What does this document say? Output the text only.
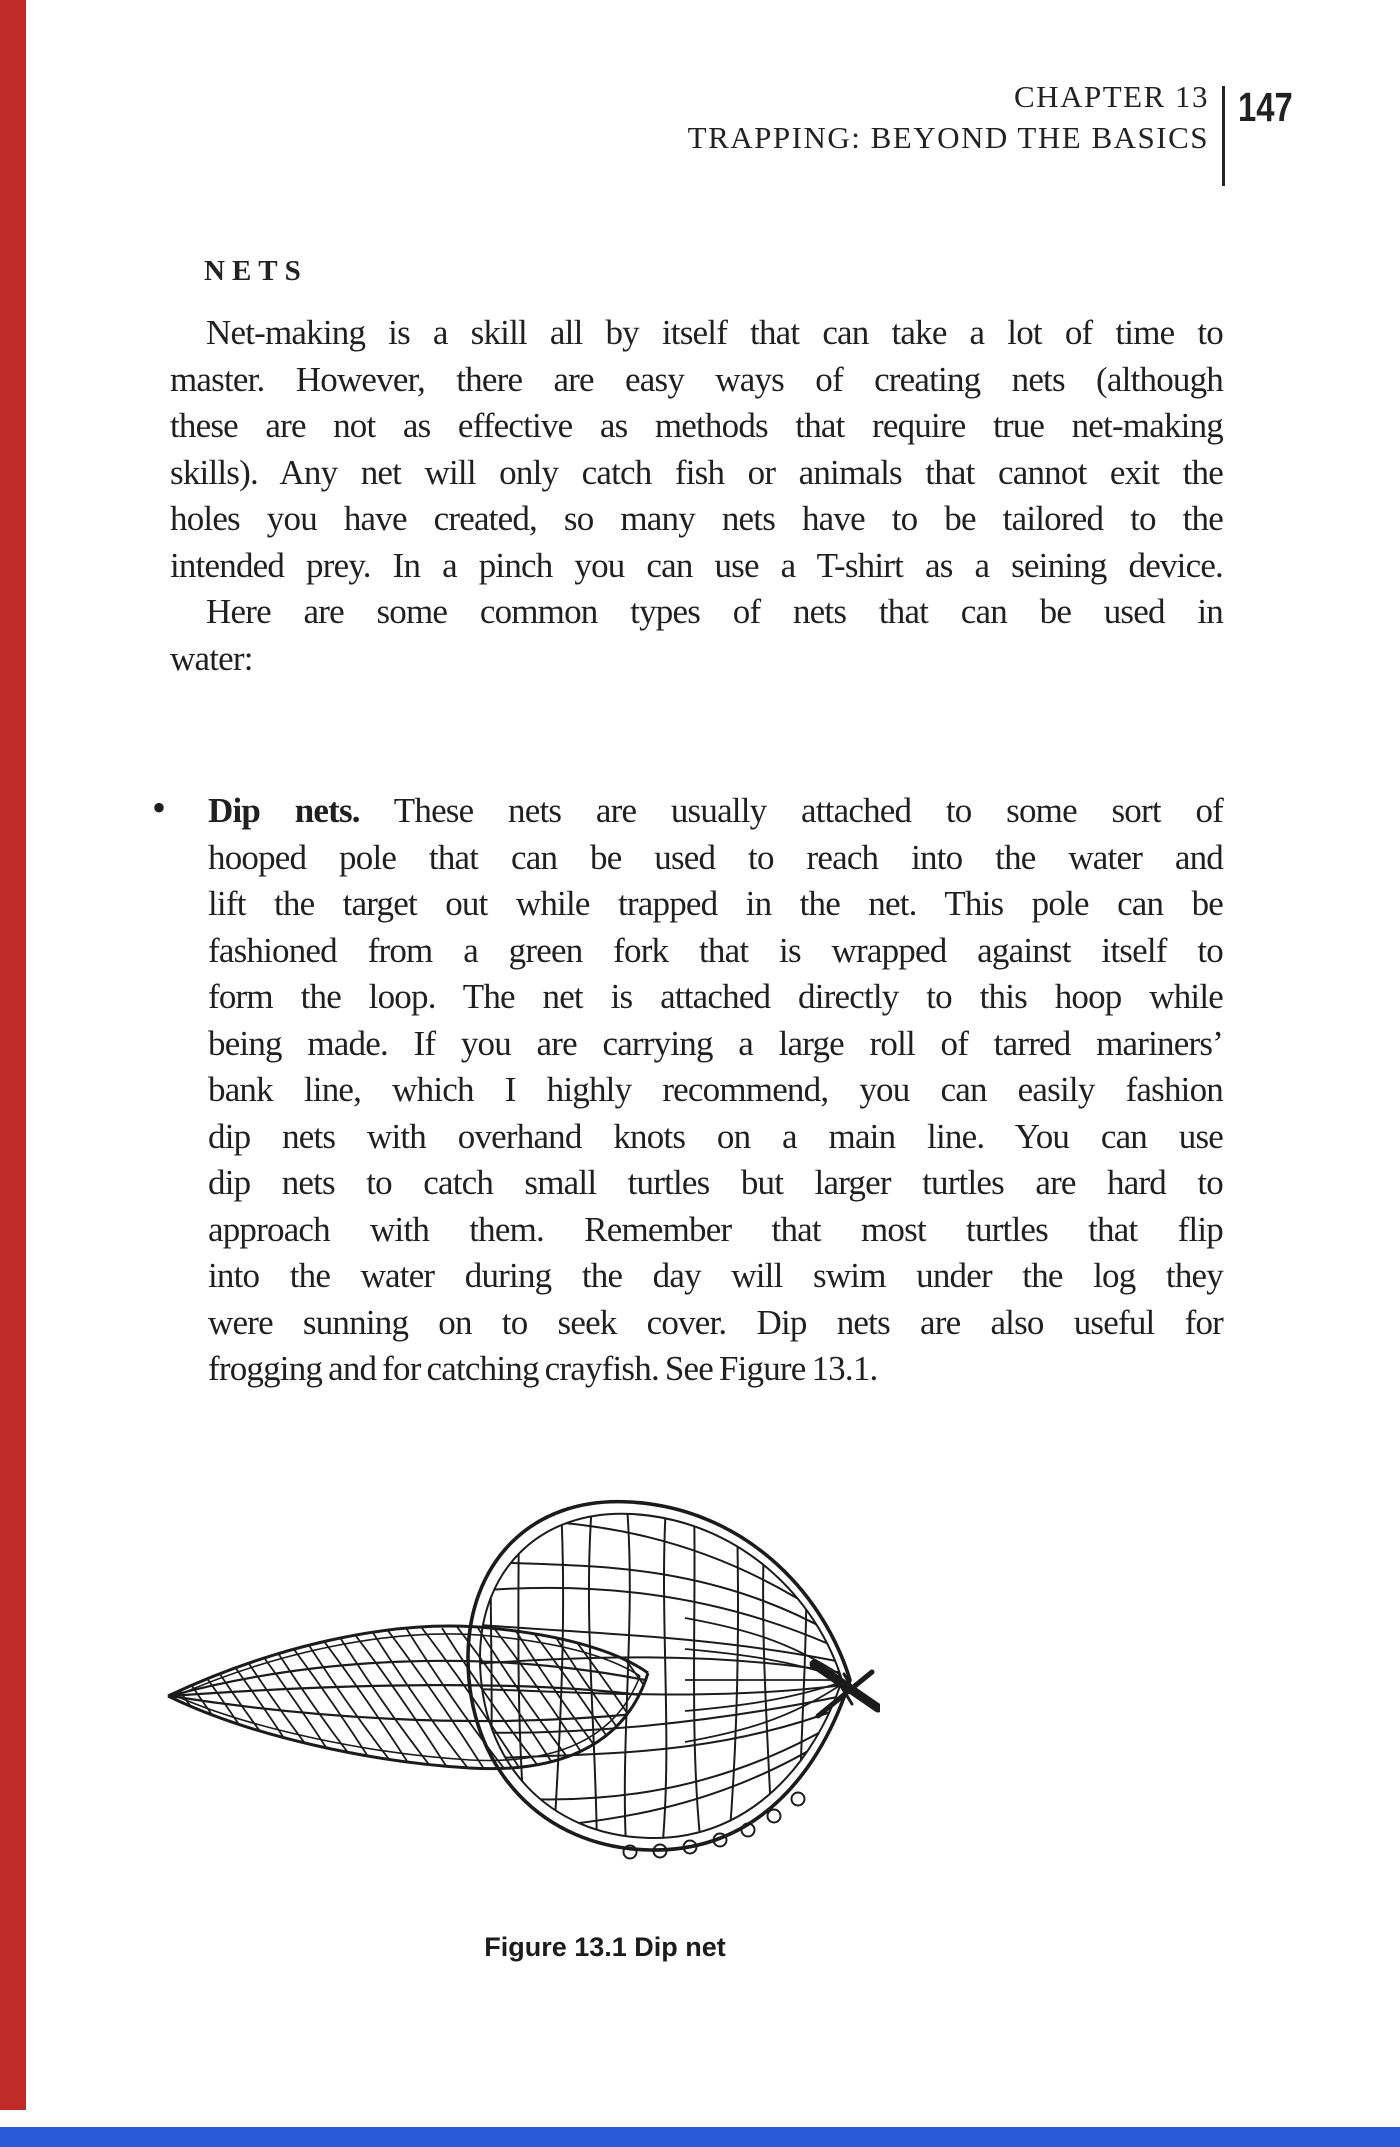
CHAPTER 13
TRAPPING: BEYOND THE BASICS
147
NETS
Net-making is a skill all by itself that can take a lot of time to
master. However, there are easy ways of creating nets (although
these are not as effective as methods that require true net-making
skills). Any net will only catch fish or animals that cannot exit the
holes you have created, so many nets have to be tailored to the
intended prey. In a pinch you can use a T-shirt as a seining device.
Here are some common types of nets that can be used in
water:
• Dip nets. These nets are usually attached to some sort of
hooped pole that can be used to reach into the water and
lift the target out while trapped in the net. This pole can be
fashioned from a green fork that is wrapped against itself to
form the loop. The net is attached directly to this hoop while
being made. If you are carrying a large roll of tarred mariners’
bank line, which I highly recommend, you can easily fashion
dip nets with overhand knots on a main line. You can use
dip nets to catch small turtles but larger turtles are hard to
approach with them. Remember that most turtles that flip
into the water during the day will swim under the log they
were sunning on to seek cover. Dip nets are also useful for
frogging and for catching crayfish. See Figure 13.1.
Figure 13.1 Dip net
